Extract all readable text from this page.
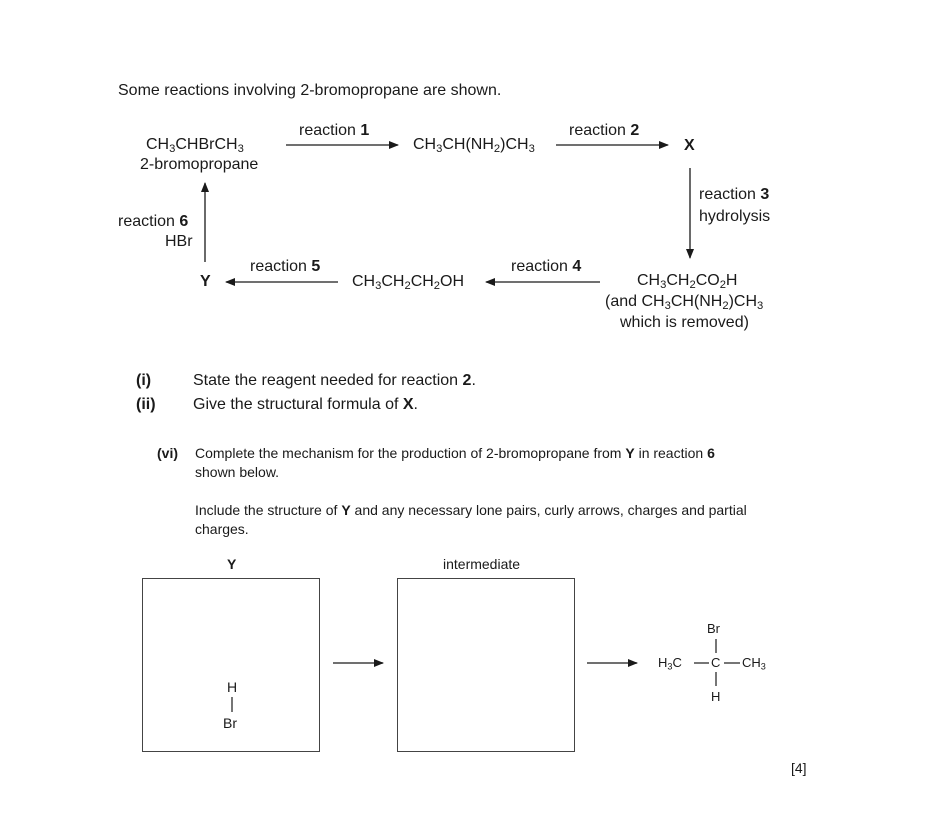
Some reactions involving 2-bromopropane are shown.
$CH_3CHBrCH_3$
2-bromopropane
reaction 1
$CH_3CH(NH_2)CH_3$
reaction 2
X
reaction 3
hydrolysis
$CH_3CH_2CO_2H$
(and $CH_3CH(NH_2)CH_3$
which is removed)
reaction 4
$CH_3CH_2CH_2OH$
reaction 5
Y
reaction 6
HBr
(i)	State the reagent needed for reaction 2.
(ii) Give the structural formula of X.
(vi) Complete the mechanism for the production of 2-bromopropane from Y in reaction 6
shown below.
Include the structure of Y and any necessary lone pairs, curly arrows, charges and partial
charges.
Y	intermediate
H
Br
Br
$H_3C$ C $CH_3$
H
[4]
